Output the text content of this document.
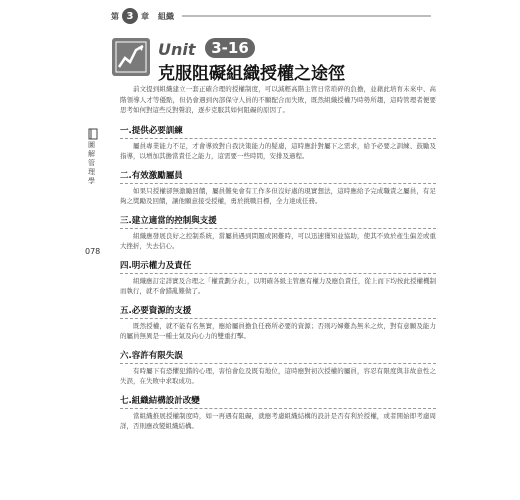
第 3 章 組織
Unit	3-16
克服阻礙組織授權之途徑
圖解管理學
078

前文提到組織建立一套正確合理的授權制度，可以減輕高階主管日常瑣碎的負擔，並藉此培育未來中、高階領導人才等優點，但仍會遇到內部保守人員的不願配合而失敗，既然組織授權乃時勢所趨，這時管理者便要思考如何對這些反對聲浪，逐步克服其如何阻礙的原因了。

一.提供必要訓練

屬員專業能力不足，才會導致對自我決策能力的疑慮，這時應針對屬下之需求，給予必要之訓練、鼓勵及指導，以增加其擔當責任之能力，這需要一些時間，安排及過程。

二.有效激勵屬員

如果只授權卻無激勵回饋，屬員難免會有工作多但沒好處的現實想法，這時應給予完成職責之屬員，有足夠之獎勵及回饋，讓他願意接受授權，勇於挑戰目標，全力達成任務。

三.建立適當的控制與支援

組織應發展良好之控制系統，當屬員遇到問題或困難時，可以迅速獲知並協助，使其不致於產生偏差或重大挫折，失去信心。

四.明示權力及責任

組織應訂定詳實及合理之「權責劃分表」，以明確各級主管應有權力及應負責任，從上而下均按此授權機制而執行，就不會錯亂難做了。

五.必要資源的支援

既然授權，就不能有名無實，應給屬員擔負任務所必要的資源；否則巧婦難為無米之炊，對有意願及能力的屬員無異是一種士氣及向心力的雙重打擊。

六.容許有限失誤

有時屬下有恐懼犯錯的心理，害怕會危及既有地位，這時應對初次授權的屬員，容忍有限度與非故意性之失誤，在失敗中求取成功。

七.組織結構設計改變

當組織推展授權制度時，如一再遇有阻礙，就應考慮組織結構的設計是否有利於授權，或者開始即考慮周詳，否則應改變組織結構。
